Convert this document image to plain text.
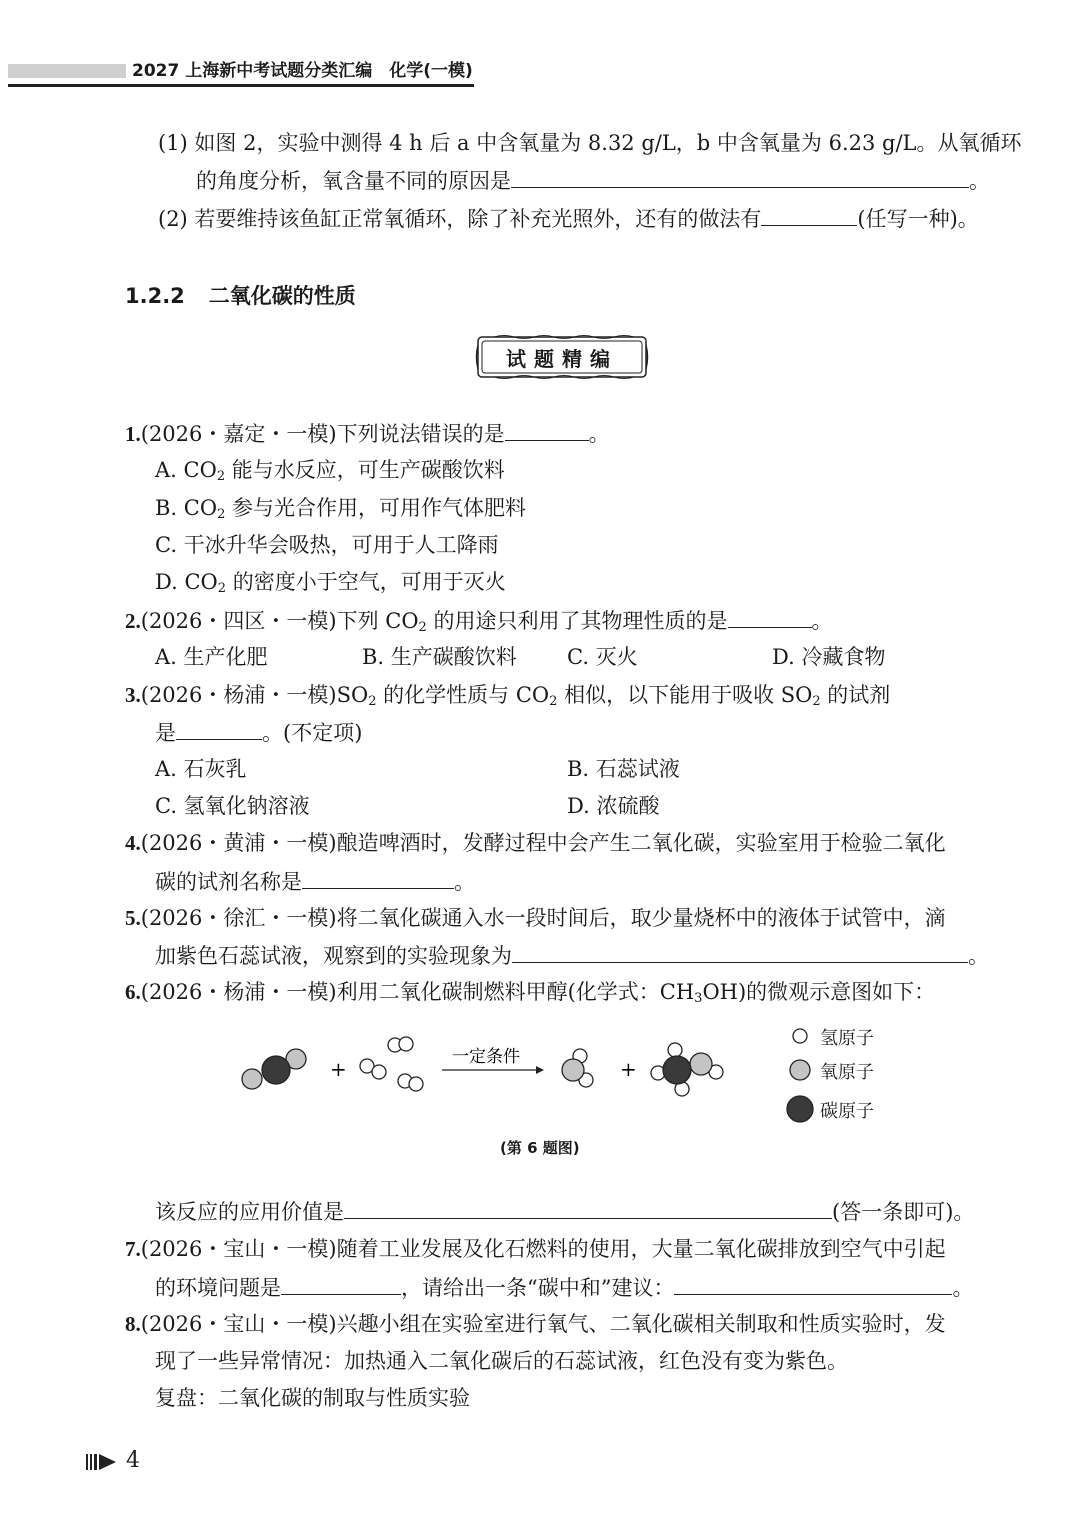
2027 上海新中考试题分类汇编　化学(一模)
(1) 如图 2，实验中测得 4 h 后 a 中含氧量为 8.32 g/L，b 中含氧量为 6.23 g/L。从氧循环
的角度分析，氧含量不同的原因是	。
(2) 若要维持该鱼缸正常氧循环，除了补充光照外，还有的做法有	(任写一种)。
1.2.2 二氧化碳的性质
试题精编
1.(2026・嘉定・一模)下列说法错误的是	。
A. $CO_2$ 能与水反应，可生产碳酸饮料
B. $CO_2$ 参与光合作用，可用作气体肥料
C. 干冰升华会吸热，可用于人工降雨
D. $CO_2$ 的密度小于空气，可用于灭火
2.(2026・四区・一模)下列 $CO_2$ 的用途只利用了其物理性质的是	。
A. 生产化肥	B. 生产碳酸饮料 C. 灭火	D. 冷藏食物
3.(2026・杨浦・一模)$SO_2$ 的化学性质与 $CO_2$ 相似，以下能用于吸收 $SO_2$ 的试剂
是	。(不定项)
A. 石灰乳	B. 石蕊试液
C. 氢氧化钠溶液	D. 浓硫酸
4.(2026・黄浦・一模)酿造啤酒时，发酵过程中会产生二氧化碳，实验室用于检验二氧化
碳的试剂名称是	。
5.(2026・徐汇・一模)将二氧化碳通入水一段时间后，取少量烧杯中的液体于试管中，滴
加紫色石蕊试液，观察到的实验现象为	。
6.(2026・杨浦・一模)利用二氧化碳制燃料甲醇(化学式：$CH_3OH$)的微观示意图如下：
+	一定条件	+
氢原子
氧原子
碳原子
(第 6 题图)
该反应的应用价值是	(答一条即可)。
7.(2026・宝山・一模)随着工业发展及化石燃料的使用，大量二氧化碳排放到空气中引起
的环境问题是	，请给出一条“碳中和”建议：	。
8.(2026・宝山・一模)兴趣小组在实验室进行氧气、二氧化碳相关制取和性质实验时，发
现了一些异常情况：加热通入二氧化碳后的石蕊试液，红色没有变为紫色。
复盘：二氧化碳的制取与性质实验
4
